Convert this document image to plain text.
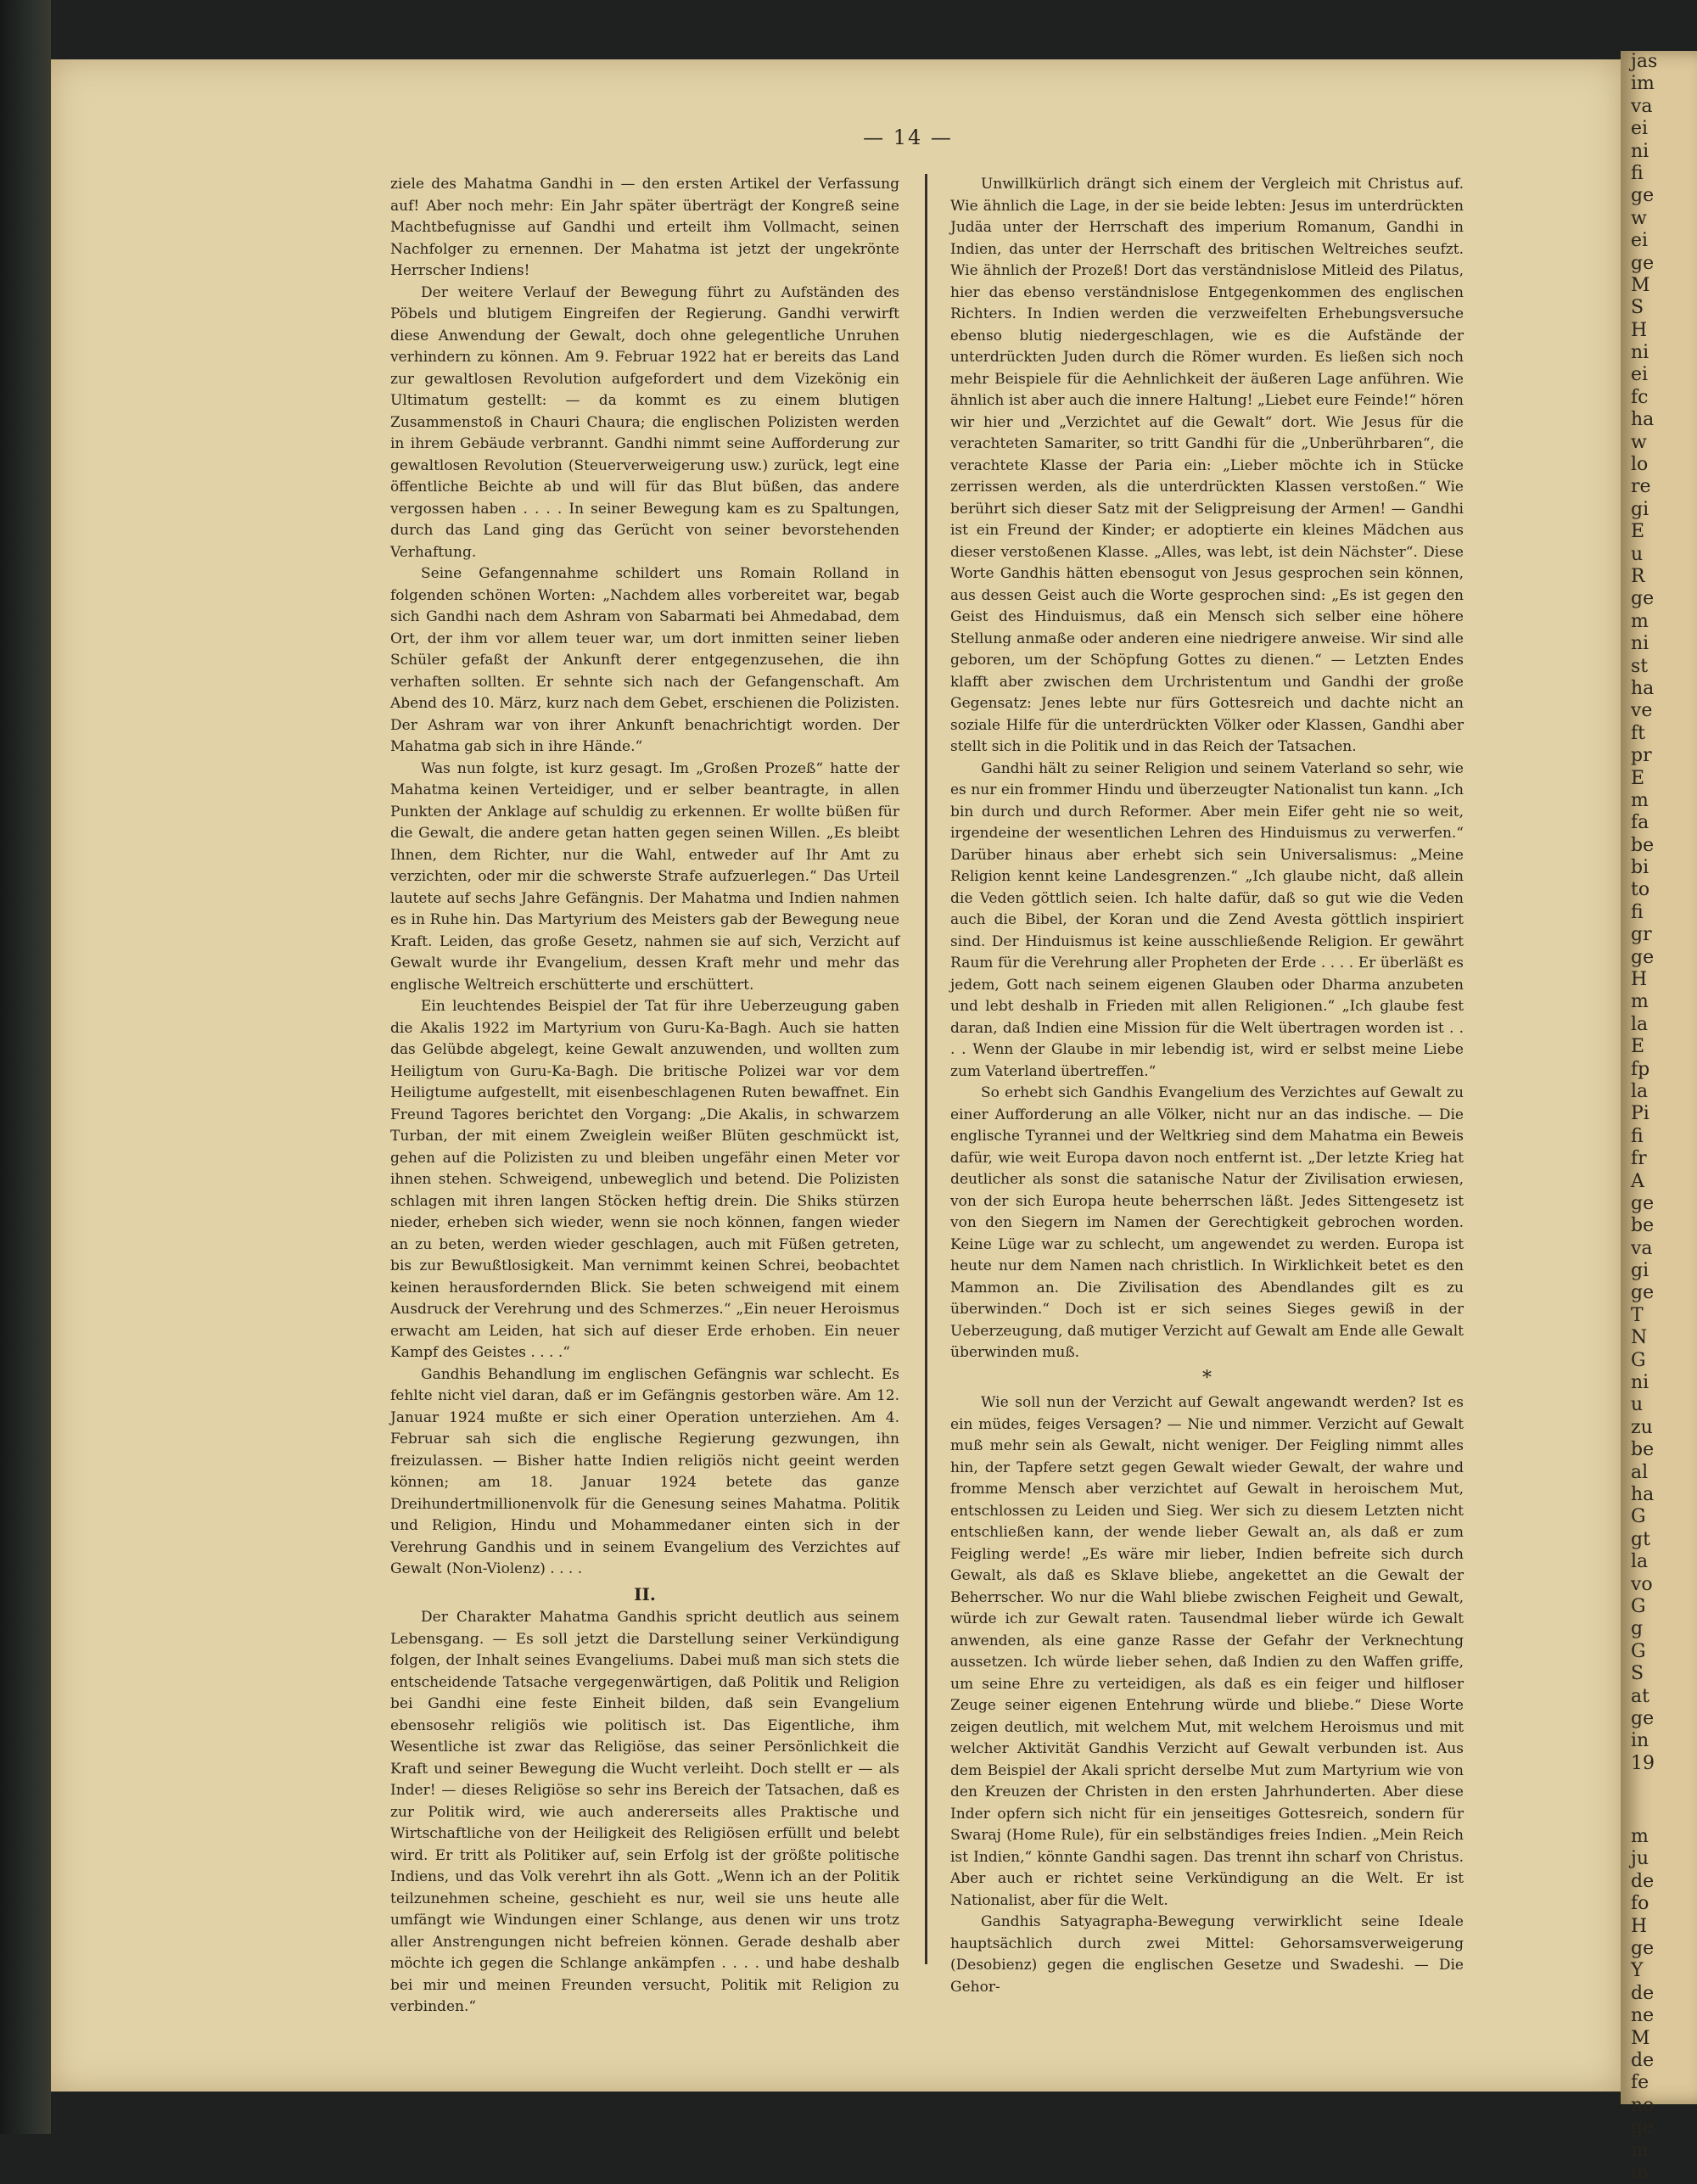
jas
im
va
ei
ni
fi
ge
w
ei
ge
M
S
H
ni
ei
fc
ha
w
lo
re
gi
E
u
R
ge
m
ni
st
ha
ve
ft
pr
E
m
fa
be
bi
to
fi
gr
ge
H
m
la
E
fp
la
Pi
fi
fr
A
ge
be
va
gi
ge
T
N
G
ni
u
zu
be
al
ha
G
gt
la
vo
G
g
G
S
at
ge
in
19
m
ju
de
fo
H
ge
Y
de
ne
M
de
fe
no
ge
m
in
— 14 —

ziele des Mahatma Gandhi in — den ersten Artikel der Verfassung auf! Aber noch mehr: Ein Jahr später überträgt der Kongreß seine Machtbefugnisse auf Gandhi und erteilt ihm Vollmacht, seinen Nachfolger zu ernennen. Der Mahatma ist jetzt der ungekrönte Herrscher Indiens!

Der weitere Verlauf der Bewegung führt zu Aufständen des Pöbels und blutigem Eingreifen der Regierung. Gandhi verwirft diese Anwendung der Gewalt, doch ohne gelegentliche Unruhen verhindern zu können. Am 9. Februar 1922 hat er bereits das Land zur gewaltlosen Revolution aufgefordert und dem Vizekönig ein Ultimatum gestellt: — da kommt es zu einem blutigen Zusammenstoß in Chauri Chaura; die englischen Polizisten werden in ihrem Gebäude verbrannt. Gandhi nimmt seine Aufforderung zur gewaltlosen Revolution (Steuerverweigerung usw.) zurück, legt eine öffentliche Beichte ab und will für das Blut büßen, das andere vergossen haben . . . . In seiner Bewegung kam es zu Spaltungen, durch das Land ging das Gerücht von seiner bevorstehenden Verhaftung.

Seine Gefangennahme schildert uns Romain Rolland in folgenden schönen Worten: „Nachdem alles vorbereitet war, begab sich Gandhi nach dem Ashram von Sabarmati bei Ahmedabad, dem Ort, der ihm vor allem teuer war, um dort inmitten seiner lieben Schüler gefaßt der Ankunft derer entgegenzusehen, die ihn verhaften sollten. Er sehnte sich nach der Gefangenschaft. Am Abend des 10. März, kurz nach dem Gebet, erschienen die Polizisten. Der Ashram war von ihrer Ankunft benachrichtigt worden. Der Mahatma gab sich in ihre Hände.“

Was nun folgte, ist kurz gesagt. Im „Großen Prozeß“ hatte der Mahatma keinen Verteidiger, und er selber beantragte, in allen Punkten der Anklage auf schuldig zu erkennen. Er wollte büßen für die Gewalt, die andere getan hatten gegen seinen Willen. „Es bleibt Ihnen, dem Richter, nur die Wahl, entweder auf Ihr Amt zu verzichten, oder mir die schwerste Strafe aufzuerlegen.“ Das Urteil lautete auf sechs Jahre Gefängnis. Der Mahatma und Indien nahmen es in Ruhe hin. Das Martyrium des Meisters gab der Bewegung neue Kraft. Leiden, das große Gesetz, nahmen sie auf sich, Verzicht auf Gewalt wurde ihr Evangelium, dessen Kraft mehr und mehr das englische Weltreich erschütterte und erschüttert.

Ein leuchtendes Beispiel der Tat für ihre Ueberzeugung gaben die Akalis 1922 im Martyrium von Guru-Ka-Bagh. Auch sie hatten das Gelübde abgelegt, keine Gewalt anzuwenden, und wollten zum Heiligtum von Guru-Ka-Bagh. Die britische Polizei war vor dem Heiligtume aufgestellt, mit eisenbeschlagenen Ruten bewaffnet. Ein Freund Tagores berichtet den Vorgang: „Die Akalis, in schwarzem Turban, der mit einem Zweiglein weißer Blüten geschmückt ist, gehen auf die Polizisten zu und bleiben ungefähr einen Meter vor ihnen stehen. Schweigend, unbeweglich und betend. Die Polizisten schlagen mit ihren langen Stöcken heftig drein. Die Shiks stürzen nieder, erheben sich wieder, wenn sie noch können, fangen wieder an zu beten, werden wieder geschlagen, auch mit Füßen getreten, bis zur Bewußtlosigkeit. Man vernimmt keinen Schrei, beobachtet keinen herausfordernden Blick. Sie beten schweigend mit einem Ausdruck der Verehrung und des Schmerzes.“ „Ein neuer Heroismus erwacht am Leiden, hat sich auf dieser Erde erhoben. Ein neuer Kampf des Geistes . . . .“

Gandhis Behandlung im englischen Gefängnis war schlecht. Es fehlte nicht viel daran, daß er im Gefängnis gestorben wäre. Am 12. Januar 1924 mußte er sich einer Operation unterziehen. Am 4. Februar sah sich die englische Regierung gezwungen, ihn freizulassen. — Bisher hatte Indien religiös nicht geeint werden können; am 18. Januar 1924 betete das ganze Dreihundertmillionenvolk für die Genesung seines Mahatma. Politik und Religion, Hindu und Mohammedaner einten sich in der Verehrung Gandhis und in seinem Evangelium des Verzichtes auf Gewalt (Non-Violenz) . . . .

II.

Der Charakter Mahatma Gandhis spricht deutlich aus seinem Lebensgang. — Es soll jetzt die Darstellung seiner Verkündigung folgen, der Inhalt seines Evangeliums. Dabei muß man sich stets die entscheidende Tatsache vergegenwärtigen, daß Politik und Religion bei Gandhi eine feste Einheit bilden, daß sein Evangelium ebensosehr religiös wie politisch ist. Das Eigentliche, ihm Wesentliche ist zwar das Religiöse, das seiner Persönlichkeit die Kraft und seiner Bewegung die Wucht verleiht. Doch stellt er — als Inder! — dieses Religiöse so sehr ins Bereich der Tatsachen, daß es zur Politik wird, wie auch andererseits alles Praktische und Wirtschaftliche von der Heiligkeit des Religiösen erfüllt und belebt wird. Er tritt als Politiker auf, sein Erfolg ist der größte politische Indiens, und das Volk verehrt ihn als Gott. „Wenn ich an der Politik teilzunehmen scheine, geschieht es nur, weil sie uns heute alle umfängt wie Windungen einer Schlange, aus denen wir uns trotz aller Anstrengungen nicht befreien können. Gerade deshalb aber möchte ich gegen die Schlange ankämpfen . . . . und habe deshalb bei mir und meinen Freunden versucht, Politik mit Religion zu verbinden.“

Unwillkürlich drängt sich einem der Vergleich mit Christus auf. Wie ähnlich die Lage, in der sie beide lebten: Jesus im unterdrückten Judäa unter der Herrschaft des imperium Romanum, Gandhi in Indien, das unter der Herrschaft des britischen Weltreiches seufzt. Wie ähnlich der Prozeß! Dort das verständnislose Mitleid des Pilatus, hier das ebenso verständnislose Entgegenkommen des englischen Richters. In Indien werden die verzweifelten Erhebungsversuche ebenso blutig niedergeschlagen, wie es die Aufstände der unterdrückten Juden durch die Römer wurden. Es ließen sich noch mehr Beispiele für die Aehnlichkeit der äußeren Lage anführen. Wie ähnlich ist aber auch die innere Haltung! „Liebet eure Feinde!“ hören wir hier und „Verzichtet auf die Gewalt“ dort. Wie Jesus für die verachteten Samariter, so tritt Gandhi für die „Unberührbaren“, die verachtete Klasse der Paria ein: „Lieber möchte ich in Stücke zerrissen werden, als die unterdrückten Klassen verstoßen.“ Wie berührt sich dieser Satz mit der Seligpreisung der Armen! — Gandhi ist ein Freund der Kinder; er adoptierte ein kleines Mädchen aus dieser verstoßenen Klasse. „Alles, was lebt, ist dein Nächster“. Diese Worte Gandhis hätten ebensogut von Jesus gesprochen sein können, aus dessen Geist auch die Worte gesprochen sind: „Es ist gegen den Geist des Hinduismus, daß ein Mensch sich selber eine höhere Stellung anmaße oder anderen eine niedrigere anweise. Wir sind alle geboren, um der Schöpfung Gottes zu dienen.“ — Letzten Endes klafft aber zwischen dem Urchristentum und Gandhi der große Gegensatz: Jenes lebte nur fürs Gottesreich und dachte nicht an soziale Hilfe für die unterdrückten Völker oder Klassen, Gandhi aber stellt sich in die Politik und in das Reich der Tatsachen.

Gandhi hält zu seiner Religion und seinem Vaterland so sehr, wie es nur ein frommer Hindu und überzeugter Nationalist tun kann. „Ich bin durch und durch Reformer. Aber mein Eifer geht nie so weit, irgendeine der wesentlichen Lehren des Hinduismus zu verwerfen.“ Darüber hinaus aber erhebt sich sein Universalismus: „Meine Religion kennt keine Landesgrenzen.“ „Ich glaube nicht, daß allein die Veden göttlich seien. Ich halte dafür, daß so gut wie die Veden auch die Bibel, der Koran und die Zend Avesta göttlich inspiriert sind. Der Hinduismus ist keine ausschließende Religion. Er gewährt Raum für die Verehrung aller Propheten der Erde . . . . Er überläßt es jedem, Gott nach seinem eigenen Glauben oder Dharma anzubeten und lebt deshalb in Frieden mit allen Religionen.“ „Ich glaube fest daran, daß Indien eine Mission für die Welt übertragen worden ist . . . . Wenn der Glaube in mir lebendig ist, wird er selbst meine Liebe zum Vaterland übertreffen.“

So erhebt sich Gandhis Evangelium des Verzichtes auf Gewalt zu einer Aufforderung an alle Völker, nicht nur an das indische. — Die englische Tyrannei und der Weltkrieg sind dem Mahatma ein Beweis dafür, wie weit Europa davon noch entfernt ist. „Der letzte Krieg hat deutlicher als sonst die satanische Natur der Zivilisation erwiesen, von der sich Europa heute beherrschen läßt. Jedes Sittengesetz ist von den Siegern im Namen der Gerechtigkeit gebrochen worden. Keine Lüge war zu schlecht, um angewendet zu werden. Europa ist heute nur dem Namen nach christlich. In Wirklichkeit betet es den Mammon an. Die Zivilisation des Abendlandes gilt es zu überwinden.“ Doch ist er sich seines Sieges gewiß in der Ueberzeugung, daß mutiger Verzicht auf Gewalt am Ende alle Gewalt überwinden muß.

*

Wie soll nun der Verzicht auf Gewalt angewandt werden? Ist es ein müdes, feiges Versagen? — Nie und nimmer. Verzicht auf Gewalt muß mehr sein als Gewalt, nicht weniger. Der Feigling nimmt alles hin, der Tapfere setzt gegen Gewalt wieder Gewalt, der wahre und fromme Mensch aber verzichtet auf Gewalt in heroischem Mut, entschlossen zu Leiden und Sieg. Wer sich zu diesem Letzten nicht entschließen kann, der wende lieber Gewalt an, als daß er zum Feigling werde! „Es wäre mir lieber, Indien befreite sich durch Gewalt, als daß es Sklave bliebe, angekettet an die Gewalt der Beherrscher. Wo nur die Wahl bliebe zwischen Feigheit und Gewalt, würde ich zur Gewalt raten. Tausendmal lieber würde ich Gewalt anwenden, als eine ganze Rasse der Gefahr der Verknechtung aussetzen. Ich würde lieber sehen, daß Indien zu den Waffen griffe, um seine Ehre zu verteidigen, als daß es ein feiger und hilfloser Zeuge seiner eigenen Entehrung würde und bliebe.“ Diese Worte zeigen deutlich, mit welchem Mut, mit welchem Heroismus und mit welcher Aktivität Gandhis Verzicht auf Gewalt verbunden ist. Aus dem Beispiel der Akali spricht derselbe Mut zum Martyrium wie von den Kreuzen der Christen in den ersten Jahrhunderten. Aber diese Inder opfern sich nicht für ein jenseitiges Gottesreich, sondern für Swaraj (Home Rule), für ein selbständiges freies Indien. „Mein Reich ist Indien,“ könnte Gandhi sagen. Das trennt ihn scharf von Christus. Aber auch er richtet seine Verkündigung an die Welt. Er ist Nationalist, aber für die Welt.

Gandhis Satyagrapha-Bewegung verwirklicht seine Ideale hauptsächlich durch zwei Mittel: Gehorsamsverweigerung (Desobienz) gegen die englischen Gesetze und Swadeshi. — Die Gehor-
